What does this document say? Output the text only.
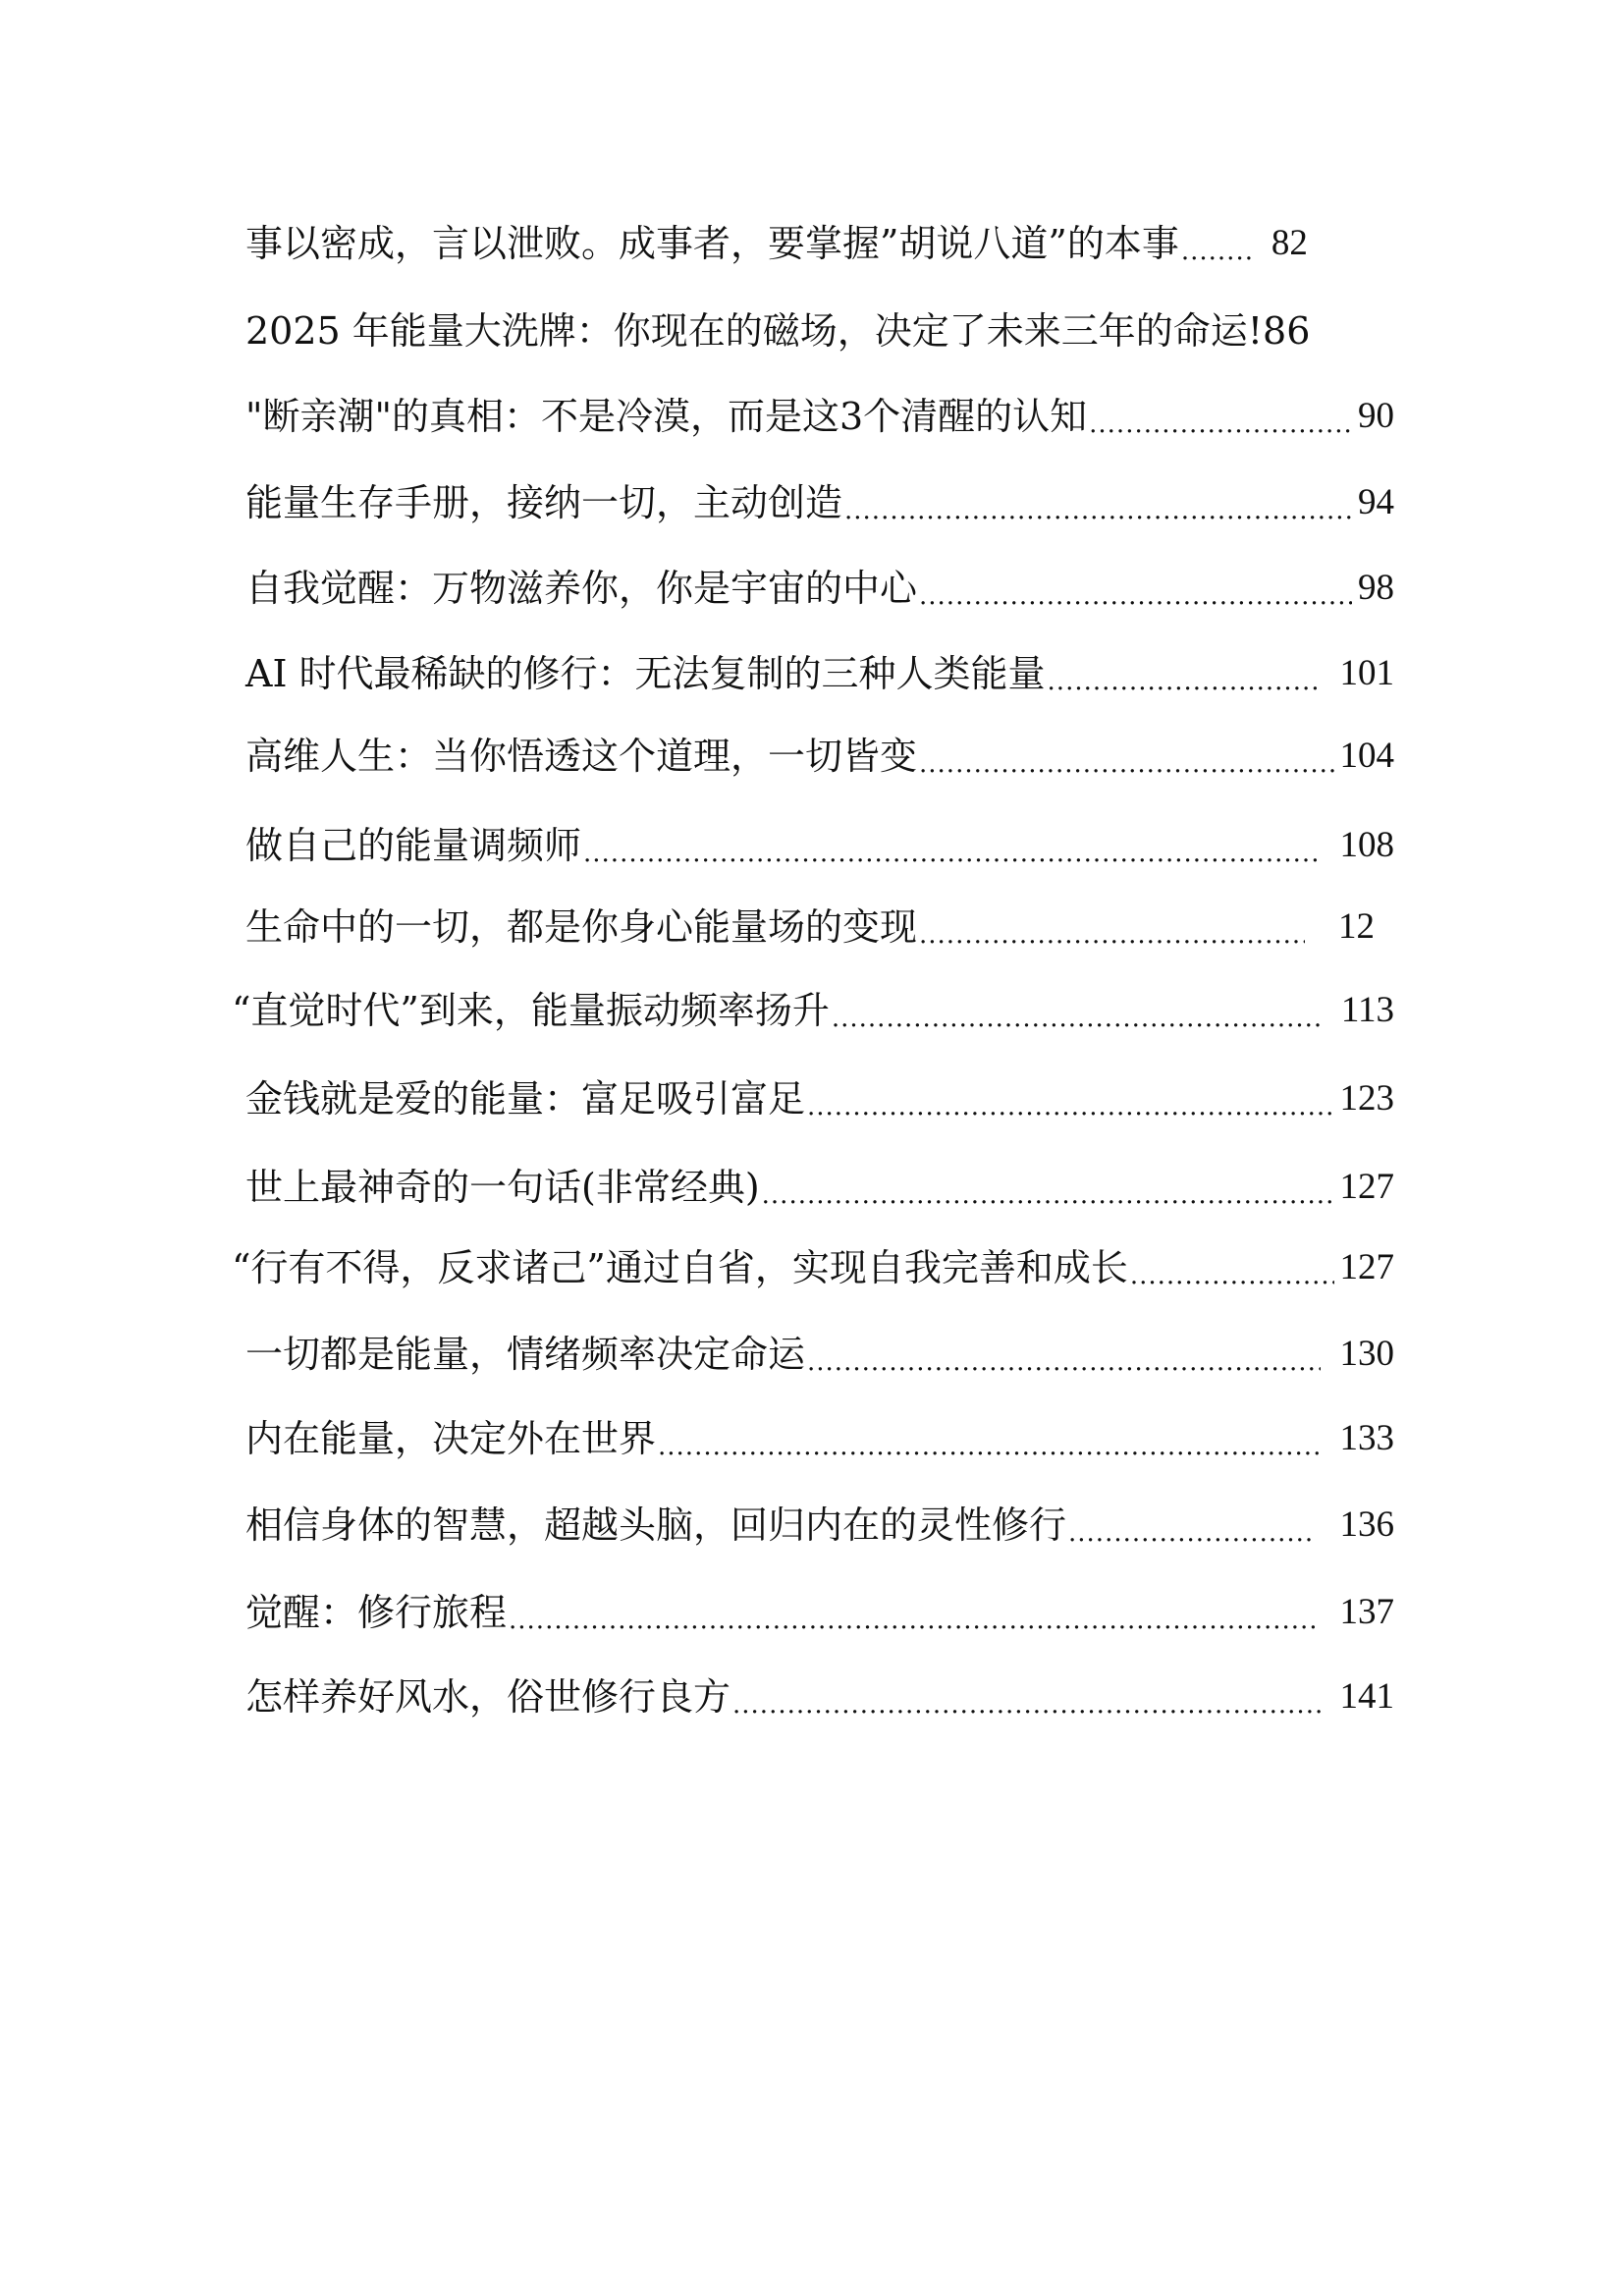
事以密成，言以泄败。成事者，要掌握”胡说八道”的本事 .....	82
2025 年能量大洗牌：你现在的磁场，决定了未来三年的命运!86
"断亲潮"的真相：不是冷漠，而是这3个清醒的认知 .....	90
能量生存手册，接纳一切，主动创造 .....	94
自我觉醒：万物滋养你，你是宇宙的中心 .....	98
AI 时代最稀缺的修行：无法复制的三种人类能量 .....	101
高维人生：当你悟透这个道理，一切皆变 .....	104
做自己的能量调频师 .....	108
生命中的一切，都是你身心能量场的变现 .....	12
“直觉时代”到来，能量振动频率扬升 .....	113
金钱就是爱的能量：富足吸引富足 .....	123
世上最神奇的一句话(非常经典) .....	127
“行有不得，反求诸己”通过自省，实现自我完善和成长 .....	127
一切都是能量，情绪频率决定命运 .....	130
内在能量，决定外在世界 .....	133
相信身体的智慧，超越头脑，回归内在的灵性修行 .....	136
觉醒：修行旅程 .....	137
怎样养好风水，俗世修行良方 .....	141
